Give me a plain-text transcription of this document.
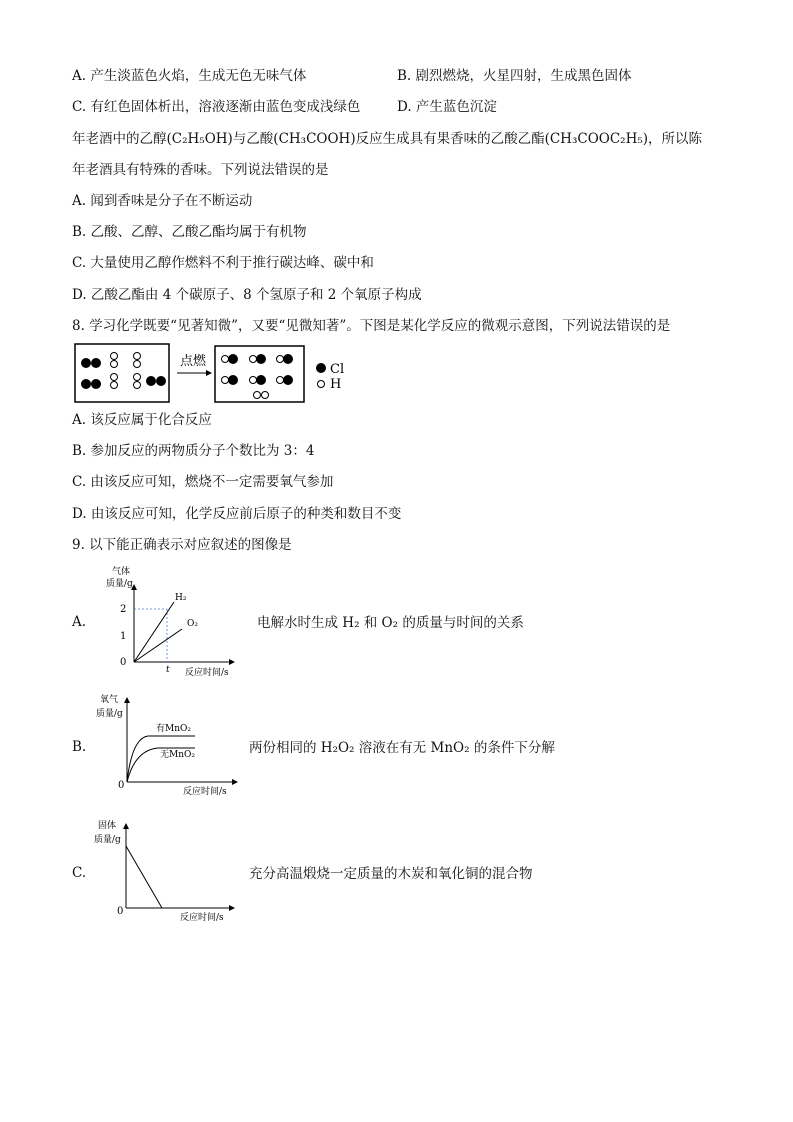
A. 产生淡蓝色火焰，生成无色无味气体	B. 剧烈燃烧，火星四射，生成黑色固体
C. 有红色固体析出，溶液逐渐由蓝色变成浅绿色	D. 产生蓝色沉淀
年老酒中的乙醇(C₂H₅OH)与乙酸(CH₃COOH)反应生成具有果香味的乙酸乙酯(CH₃COOC₂H₅)，所以陈
年老酒具有特殊的香味。下列说法错误的是
A. 闻到香味是分子在不断运动
B. 乙酸、乙醇、乙酸乙酯均属于有机物
C. 大量使用乙醇作燃料不利于推行碳达峰、碳中和
D. 乙酸乙酯由 4 个碳原子、8 个氢原子和 2 个氧原子构成
8. 学习化学既要“见著知微”，又要“见微知著”。下图是某化学反应的微观示意图，下列说法错误的是
点燃
Cl
H
A. 该反应属于化合反应
B. 参加反应的两物质分子个数比为 3：4
C. 由该反应可知，燃烧不一定需要氧气参加
D. 由该反应可知，化学反应前后原子的种类和数目不变
9. 以下能正确表示对应叙述的图像是
A.
气体
质量/g
2
1
0
H₂
O₂
t 反应时间/s
电解水时生成 H₂ 和 O₂ 的质量与时间的关系
B.
氧气
质量/g
0
有MnO₂
无MnO₂
反应时间/s
两份相同的 H₂O₂ 溶液在有无 MnO₂ 的条件下分解
C.
固体
质量/g
0
反应时间/s
充分高温煅烧一定质量的木炭和氧化铜的混合物
